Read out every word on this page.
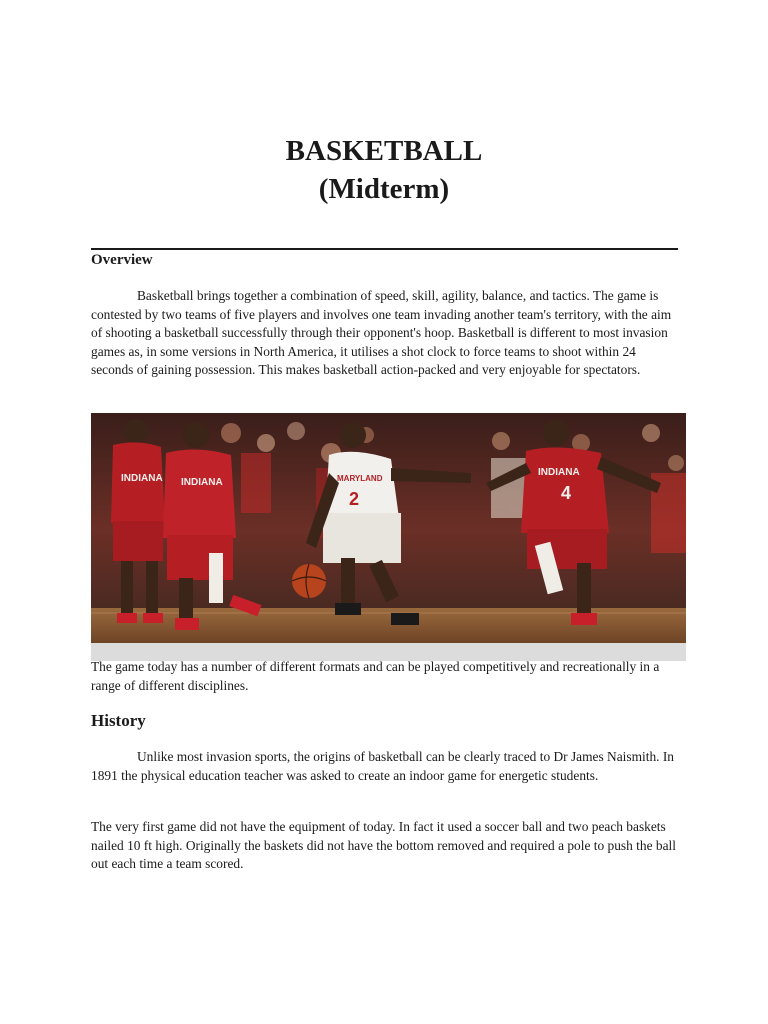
BASKETBALL
(Midterm)
Overview

Basketball brings together a combination of speed, skill, agility, balance, and tactics. The game is contested by two teams of five players and involves one team invading another team's territory, with the aim of shooting a basketball successfully through their opponent's hoop. Basketball is different to most invasion games as, in some versions in North America, it utilises a shot clock to force teams to shoot within 24 seconds of gaining possession. This makes basketball action-packed and very enjoyable for spectators.

INDIANA INDIANA	MARYLAND
2
INDIANA
4

The game today has a number of different formats and can be played competitively and recreationally in a range of different disciplines.

History

Unlike most invasion sports, the origins of basketball can be clearly traced to Dr James Naismith. In 1891 the physical education teacher was asked to create an indoor game for energetic students.

The very first game did not have the equipment of today. In fact it used a soccer ball and two peach baskets nailed 10 ft high. Originally the baskets did not have the bottom removed and required a pole to push the ball out each time a team scored.
